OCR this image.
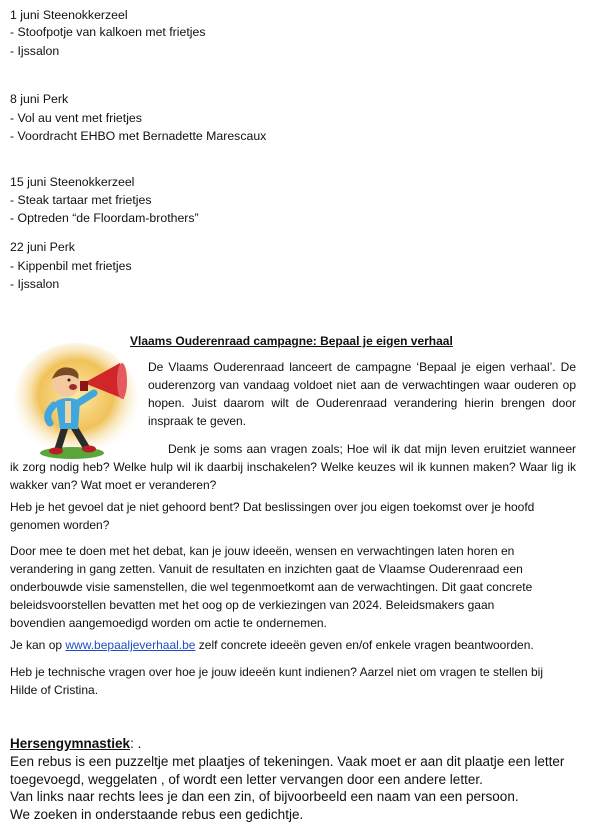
1 juni Steenokkerzeel
- Stoofpotje van kalkoen met frietjes
- Ijssalon
8 juni Perk
- Vol au vent met frietjes
- Voordracht EHBO met Bernadette Marescaux
15 juni Steenokkerzeel
- Steak tartaar met frietjes
- Optreden “de Floordam-brothers”
22 juni Perk
- Kippenbil met frietjes
- Ijssalon
Vlaams Ouderenraad campagne: Bepaal je eigen verhaal
De Vlaams Ouderenraad lanceert de campagne ‘Bepaal je eigen verhaal’. De ouderenzorg van vandaag voldoet niet aan de verwachtingen waar ouderen op hopen. Juist daarom wilt de Ouderenraad verandering hierin brengen door inspraak te geven.
Denk je soms aan vragen zoals; Hoe wil ik dat mijn leven eruitziet wanneer ik zorg nodig heb? Welke hulp wil ik daarbij inschakelen? Welke keuzes wil ik kunnen maken? Waar lig ik wakker van? Wat moet er veranderen?
Heb je het gevoel dat je niet gehoord bent? Dat beslissingen over jou eigen toekomst over je hoofd genomen worden?
Door mee te doen met het debat, kan je jouw ideeën, wensen en verwachtingen laten horen en verandering in gang zetten. Vanuit de resultaten en inzichten gaat de Vlaamse Ouderenraad een onderbouwde visie samenstellen, die wel tegenmoetkomt aan de verwachtingen. Dit gaat concrete beleidsvoorstellen bevatten met het oog op de verkiezingen van 2024. Beleidsmakers gaan bovendien aangemoedigd worden om actie te ondernemen.
Je kan op www.bepaaljeverhaal.be zelf concrete ideeën geven en/of enkele vragen beantwoorden.
Heb je technische vragen over hoe je jouw ideeën kunt indienen? Aarzel niet om vragen te stellen bij Hilde of Cristina.
Hersengymnastiek: .
Een rebus is een puzzeltje met plaatjes of tekeningen. Vaak moet er aan dit plaatje een letter
toegevoegd, weggelaten , of wordt een letter vervangen door een andere letter.
Van links naar rechts lees je dan een zin, of bijvoorbeeld een naam van een persoon.
We zoeken in onderstaande rebus een gedichtje.
